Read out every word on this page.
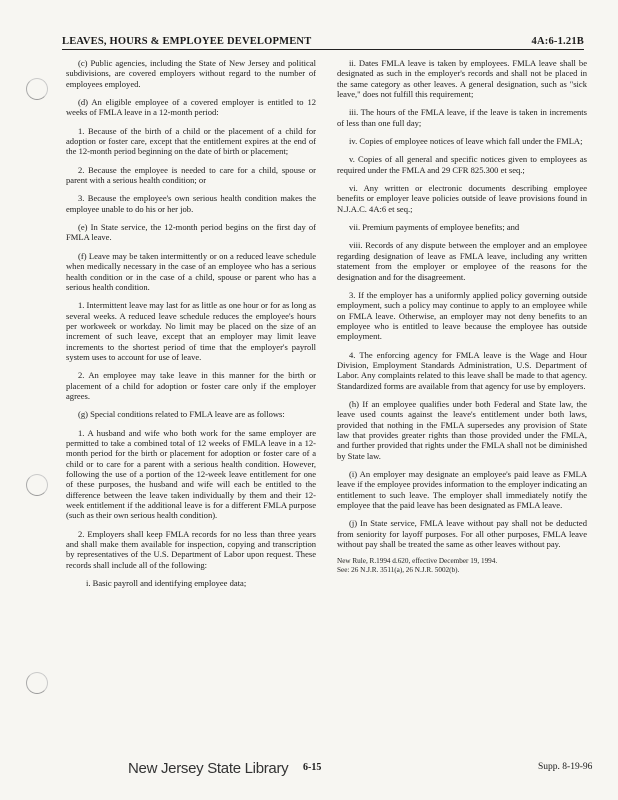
LEAVES, HOURS & EMPLOYEE DEVELOPMENT	4A:6-1.21B

(c) Public agencies, including the State of New Jersey and political subdivisions, are covered employers without regard to the number of employees employed.

(d) An eligible employee of a covered employer is entitled to 12 weeks of FMLA leave in a 12-month period:

1. Because of the birth of a child or the placement of a child for adoption or foster care, except that the entitlement expires at the end of the 12-month period beginning on the date of birth or placement;

2. Because the employee is needed to care for a child, spouse or parent with a serious health condition; or

3. Because the employee's own serious health condition makes the employee unable to do his or her job.

(e) In State service, the 12-month period begins on the first day of FMLA leave.

(f) Leave may be taken intermittently or on a reduced leave schedule when medically necessary in the case of an employee who has a serious health condition or in the case of a child, spouse or parent who has a serious health condition.

1. Intermittent leave may last for as little as one hour or for as long as several weeks. A reduced leave schedule reduces the employee's hours per workweek or workday. No limit may be placed on the size of an increment of such leave, except that an employer may limit leave increments to the shortest period of time that the employer's payroll system uses to account for use of leave.

2. An employee may take leave in this manner for the birth or placement of a child for adoption or foster care only if the employer agrees.

(g) Special conditions related to FMLA leave are as follows:

1. A husband and wife who both work for the same employer are permitted to take a combined total of 12 weeks of FMLA leave in a 12-month period for the birth or placement for adoption or foster care of a child or to care for a parent with a serious health condition. However, following the use of a portion of the 12-week leave entitlement for one of these purposes, the husband and wife will each be entitled to the difference between the leave taken individually by them and their 12-week entitlement if the additional leave is for a different FMLA purpose (such as their own serious health condition).

2. Employers shall keep FMLA records for no less than three years and shall make them available for inspection, copying and transcription by representatives of the U.S. Department of Labor upon request. These records shall include all of the following:

i. Basic payroll and identifying employee data;

ii. Dates FMLA leave is taken by employees. FMLA leave shall be designated as such in the employer's records and shall not be placed in the same category as other leaves. A general designation, such as "sick leave," does not fulfill this requirement;

iii. The hours of the FMLA leave, if the leave is taken in increments of less than one full day;

iv. Copies of employee notices of leave which fall under the FMLA;

v. Copies of all general and specific notices given to employees as required under the FMLA and 29 CFR 825.300 et seq.;

vi. Any written or electronic documents describing employee benefits or employer leave policies outside of leave provisions found in N.J.A.C. 4A:6 et seq.;

vii. Premium payments of employee benefits; and

viii. Records of any dispute between the employer and an employee regarding designation of leave as FMLA leave, including any written statement from the employer or employee of the reasons for the designation and for the disagreement.

3. If the employer has a uniformly applied policy governing outside employment, such a policy may continue to apply to an employee while on FMLA leave. Otherwise, an employer may not deny benefits to an employee who is entitled to leave because the employee has outside employment.

4. The enforcing agency for FMLA leave is the Wage and Hour Division, Employment Standards Administration, U.S. Department of Labor. Any complaints related to this leave shall be made to that agency. Standardized forms are available from that agency for use by employers.

(h) If an employee qualifies under both Federal and State law, the leave used counts against the leave's entitlement under both laws, provided that nothing in the FMLA supersedes any provision of State law that provides greater rights than those provided under the FMLA, and further provided that rights under the FMLA shall not be diminished by State law.

(i) An employer may designate an employee's paid leave as FMLA leave if the employee provides information to the employer indicating an entitlement to such leave. The employer shall immediately notify the employee that the paid leave has been designated as FMLA leave.

(j) In State service, FMLA leave without pay shall not be deducted from seniority for layoff purposes. For all other purposes, FMLA leave without pay shall be treated the same as other leaves without pay.

New Rule, R.1994 d.620, effective December 19, 1994.

See: 26 N.J.R. 3511(a), 26 N.J.R. 5002(b).

New Jersey State Library 6-15	Supp. 8-19-96
